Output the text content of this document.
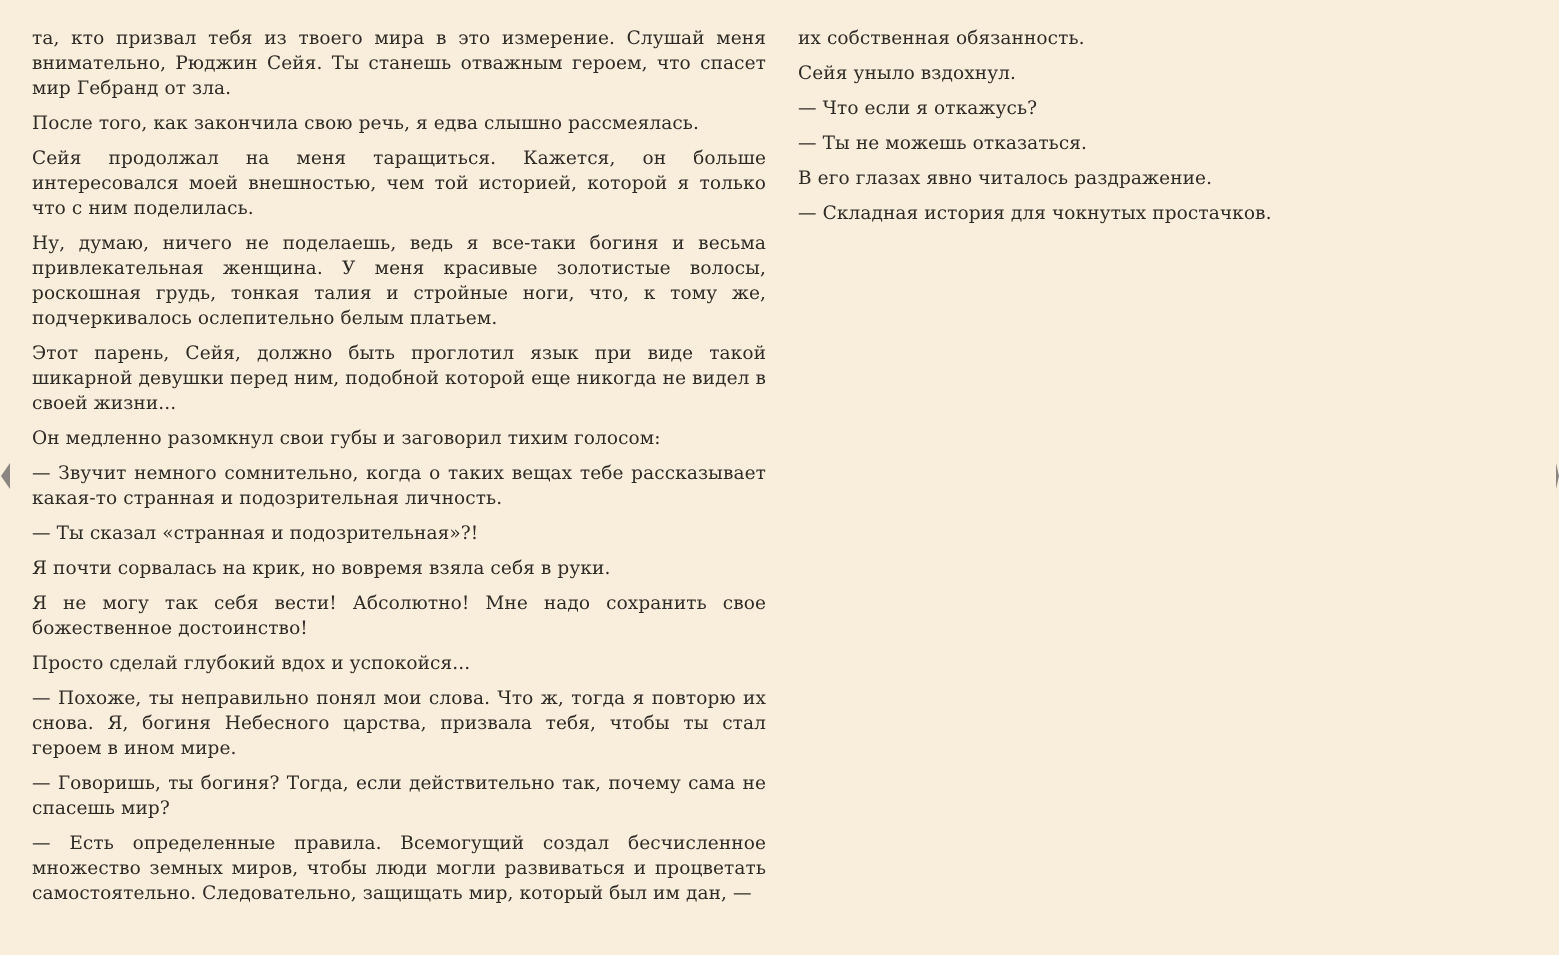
та, кто призвал тебя из твоего мира в это измерение. Слушай меня внимательно, Рюджин Сейя. Ты станешь отважным героем, что спасет мир Гебранд от зла.

После того, как закончила свою речь, я едва слышно рассмеялась.

Сейя продолжал на меня таращиться. Кажется, он больше интересовался моей внешностью, чем той историей, которой я только что с ним поделилась.

Ну, думаю, ничего не поделаешь, ведь я все-таки богиня и весьма привлекательная женщина. У меня красивые золотистые волосы, роскошная грудь, тонкая талия и стройные ноги, что, к тому же, подчеркивалось ослепительно белым платьем.

Этот парень, Сейя, должно быть проглотил язык при виде такой шикарной девушки перед ним, подобной которой еще никогда не видел в своей жизни...

Он медленно разомкнул свои губы и заговорил тихим голосом:

— Звучит немного сомнительно, когда о таких вещах тебе рассказывает какая-то странная и подозрительная личность.

— Ты сказал «странная и подозрительная»?!

Я почти сорвалась на крик, но вовремя взяла себя в руки.

Я не могу так себя вести! Абсолютно! Мне надо сохранить свое божественное достоинство!

Просто сделай глубокий вдох и успокойся...

— Похоже, ты неправильно понял мои слова. Что ж, тогда я повторю их снова. Я, богиня Небесного царства, призвала тебя, чтобы ты стал героем в ином мире.

— Говоришь, ты богиня? Тогда, если действительно так, почему сама не спасешь мир?

— Есть определенные правила. Всемогущий создал бесчисленное множество земных миров, чтобы люди могли развиваться и процветать самостоятельно. Следовательно, защищать мир, который был им дан, —

их собственная обязанность.

Сейя уныло вздохнул.

— Что если я откажусь?

— Ты не можешь отказаться.

В его глазах явно читалось раздражение.

— Складная история для чокнутых простачков.
